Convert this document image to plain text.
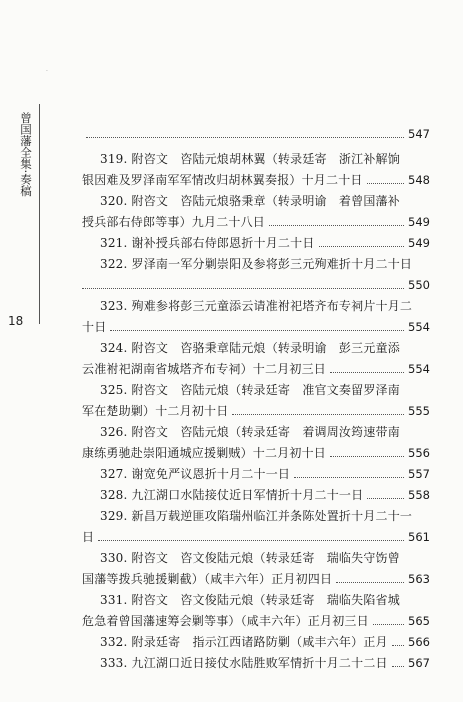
曾国藩全集·奏稿
18
·
547
319. 附咨文　咨陆元烺胡林翼（转录廷寄　浙江补解饷
银因难及罗泽南军军情改归胡林翼奏报）十月二十日	548
320. 附咨文　咨陆元烺骆秉章（转录明谕　着曾国藩补
授兵部右侍郎等事）九月二十八日	549
321. 谢补授兵部右侍郎恩折十月二十日	549
322. 罗泽南一军分剿崇阳及参将彭三元殉难折十月二十日
550
323. 殉难参将彭三元童添云请准祔祀塔齐布专祠片十月二
十日	554
324. 附咨文　咨骆秉章陆元烺（转录明谕　彭三元童添
云准祔祀湖南省城塔齐布专祠）十二月初三日	554
325. 附咨文　咨陆元烺（转录廷寄　准官文奏留罗泽南
军在楚助剿）十二月初十日	555
326. 附咨文　咨陆元烺（转录廷寄　着调周汝筠速带南
康练勇驰赴崇阳通城应援剿贼）十二月初十日	556
327. 谢宽免严议恩折十月二十一日	557
328. 九江湖口水陆接仗近日军情折十月二十一日	558
329. 新昌万载逆匪攻陷瑞州临江并条陈处置折十月二十一
日	561
330. 附咨文　咨文俊陆元烺（转录廷寄　瑞临失守饬曾
国藩等拨兵驰援剿截）（咸丰六年）正月初四日	563
331. 附咨文　咨文俊陆元烺（转录廷寄　瑞临失陷省城
危急着曾国藩速筹会剿等事）（咸丰六年）正月初三日	565
332. 附录廷寄　指示江西诸路防剿（咸丰六年）正月 566
333. 九江湖口近日接仗水陆胜败军情折十月二十二日 567
